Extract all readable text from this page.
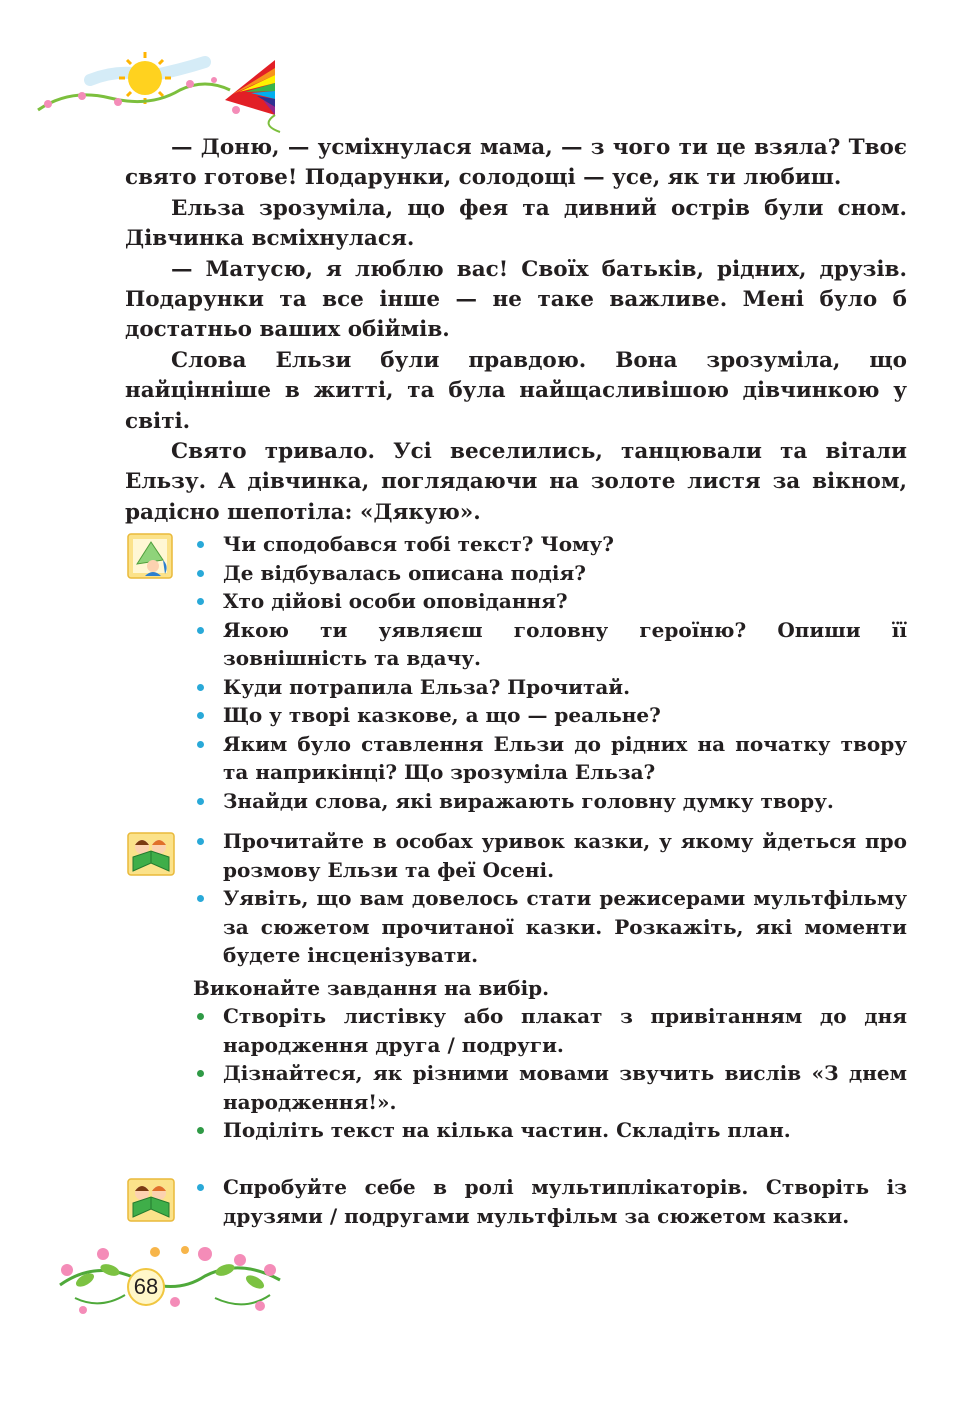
— Доню, — усміхнулася мама, — з чого ти це взяла? Твоє свято готове! Подарунки, солодощі — усе, як ти любиш.

Ельза зрозуміла, що фея та дивний острів були сном. Дівчинка всміхнулася.

— Матусю, я люблю вас! Своїх батьків, рідних, друзів. Подарунки та все інше — не таке важливе. Мені було б достатньо ваших обіймів.

Слова Ельзи були правдою. Вона зрозуміла, що найцінніше в житті, та була найщасливішою дівчинкою у світі.

Свято тривало. Усі веселились, танцювали та вітали Ельзу. А дівчинка, поглядаючи на золоте листя за вікном, радісно шепотіла: «Дякую».

Чи сподобався тобі текст? Чому?
Де відбувалась описана подія?
Хто дійові особи оповідання?
Якою ти уявляєш головну героїню? Опиши її зовнішність та вдачу.
Куди потрапила Ельза? Прочитай.
Що у творі казкове, а що — реальне?
Яким було ставлення Ельзи до рідних на початку твору та наприкінці? Що зрозуміла Ельза?
Знайди слова, які виражають головну думку твору.
Прочитайте в особах уривок казки, у якому йдеться про розмову Ельзи та феї Осені.
Уявіть, що вам довелось стати режисерами мультфільму за сюжетом прочитаної казки. Розкажіть, які моменти будете інсценізувати.
Виконайте завдання на вибір.
Створіть листівку або плакат з привітанням до дня народження друга / подруги.
Дізнайтеся, як різними мовами звучить вислів «З днем народження!».
Поділіть текст на кілька частин. Складіть план.
Спробуйте себе в ролі мультиплікаторів. Створіть із друзями / подругами мультфільм за сюжетом казки.
68
